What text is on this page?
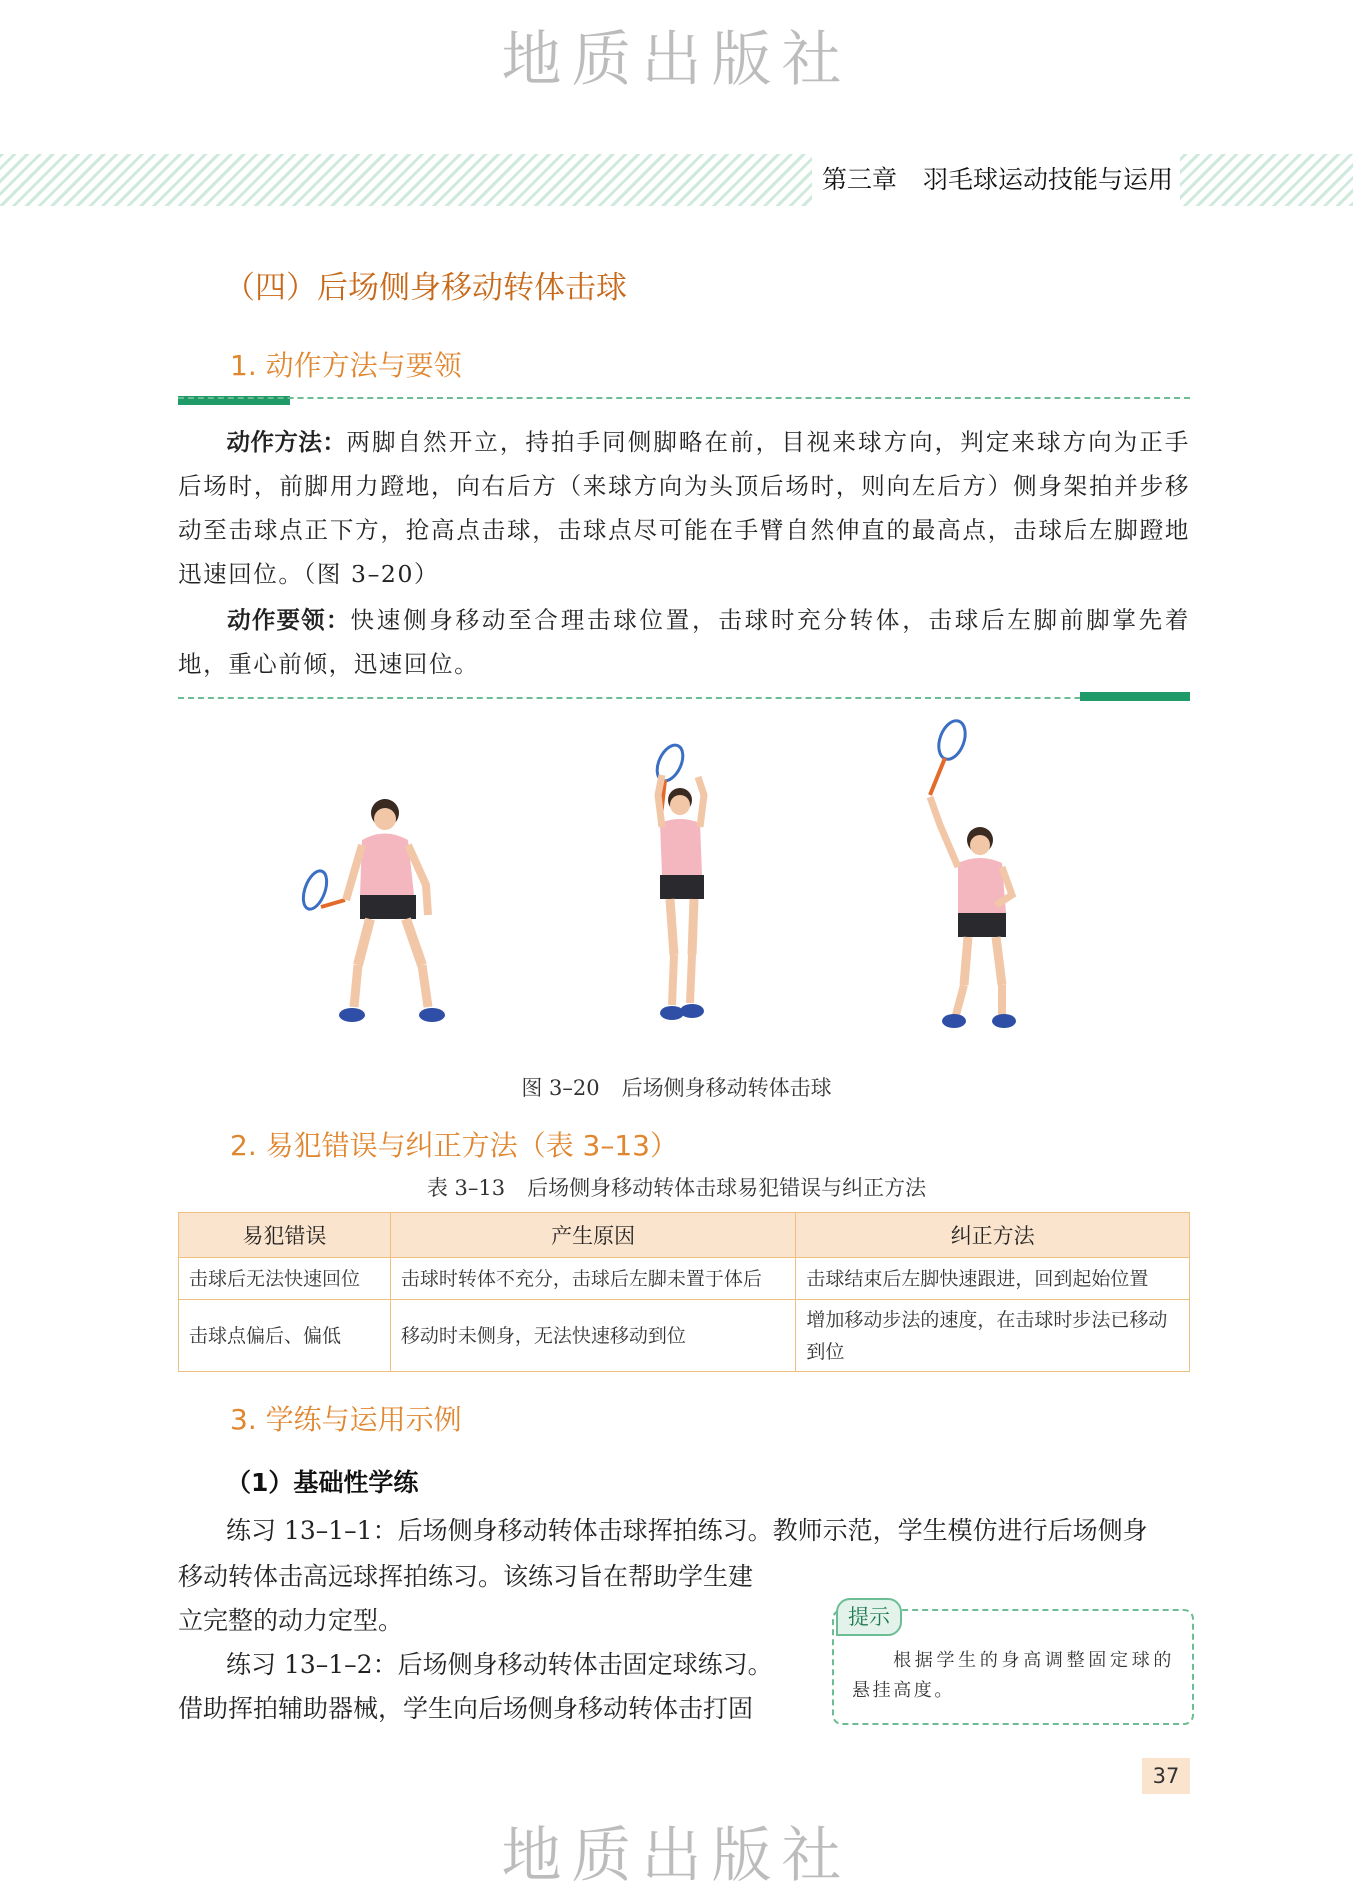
地质出版社
地质出版社
第三章 羽毛球运动技能与运用
（四）后场侧身移动转体击球
1. 动作方法与要领
动作方法：两脚自然开立，持拍手同侧脚略在前，目视来球方向，判定来球方向为正手后场时，前脚用力蹬地，向右后方（来球方向为头顶后场时，则向左后方）侧身架拍并步移动至击球点正下方，抢高点击球，击球点尽可能在手臂自然伸直的最高点，击球后左脚蹬地迅速回位。（图 3–20）
动作要领：快速侧身移动至合理击球位置，击球时充分转体，击球后左脚前脚掌先着地，重心前倾，迅速回位。
图 3–20 后场侧身移动转体击球
2. 易犯错误与纠正方法（表 3–13）
表 3–13 后场侧身移动转体击球易犯错误与纠正方法
易犯错误	产生原因	纠正方法
击球后无法快速回位	击球时转体不充分，击球后左脚未置于体后	击球结束后左脚快速跟进，回到起始位置
击球点偏后、偏低	移动时未侧身，无法快速移动到位	增加移动步法的速度，在击球时步法已移动到位
3. 学练与运用示例
（1）基础性学练
练习 13–1–1：后场侧身移动转体击球挥拍练习。教师示范，学生模仿进行后场侧身
移动转体击高远球挥拍练习。该练习旨在帮助学生建
立完整的动力定型。
练习 13–1–2：后场侧身移动转体击固定球练习。
借助挥拍辅助器械，学生向后场侧身移动转体击打固
提示
根据学生的身高调整固定球的悬挂高度。
37
